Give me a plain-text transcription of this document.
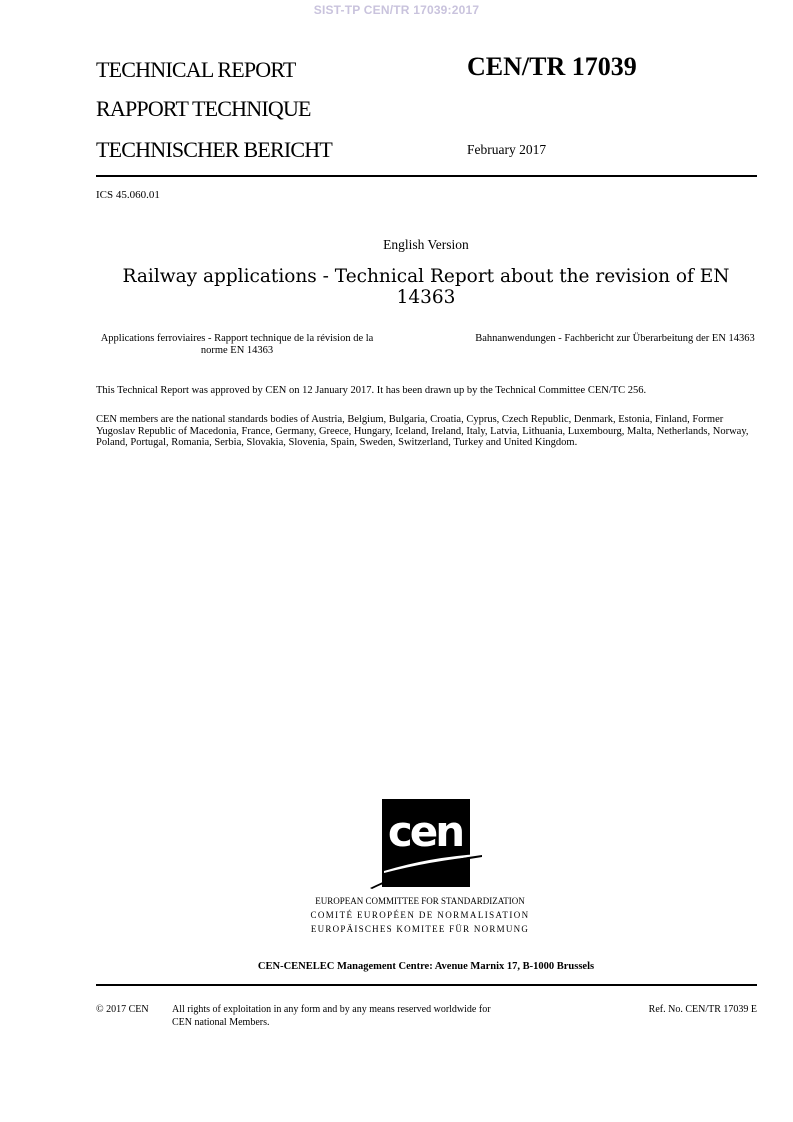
SIST-TP CEN/TR 17039:2017
TECHNICAL REPORT
RAPPORT TECHNIQUE
TECHNISCHER BERICHT
CEN/TR 17039
February 2017
ICS 45.060.01
English Version
Railway applications - Technical Report about the revision of EN 14363
Applications ferroviaires - Rapport technique de la révision de la norme EN 14363
Bahnanwendungen - Fachbericht zur Überarbeitung der EN 14363
This Technical Report was approved by CEN on 12 January 2017. It has been drawn up by the Technical Committee CEN/TC 256.
CEN members are the national standards bodies of Austria, Belgium, Bulgaria, Croatia, Cyprus, Czech Republic, Denmark, Estonia, Finland, Former Yugoslav Republic of Macedonia, France, Germany, Greece, Hungary, Iceland, Ireland, Italy, Latvia, Lithuania, Luxembourg, Malta, Netherlands, Norway, Poland, Portugal, Romania, Serbia, Slovakia, Slovenia, Spain, Sweden, Switzerland, Turkey and United Kingdom.
cen
EUROPEAN COMMITTEE FOR STANDARDIZATION
COMITÉ EUROPÉEN DE NORMALISATION
EUROPÄISCHES KOMITEE FÜR NORMUNG
CEN-CENELEC Management Centre: Avenue Marnix 17, B-1000 Brussels
© 2017 CEN All rights of exploitation in any form and by any means reserved worldwide for CEN national Members.
Ref. No. CEN/TR 17039 E
